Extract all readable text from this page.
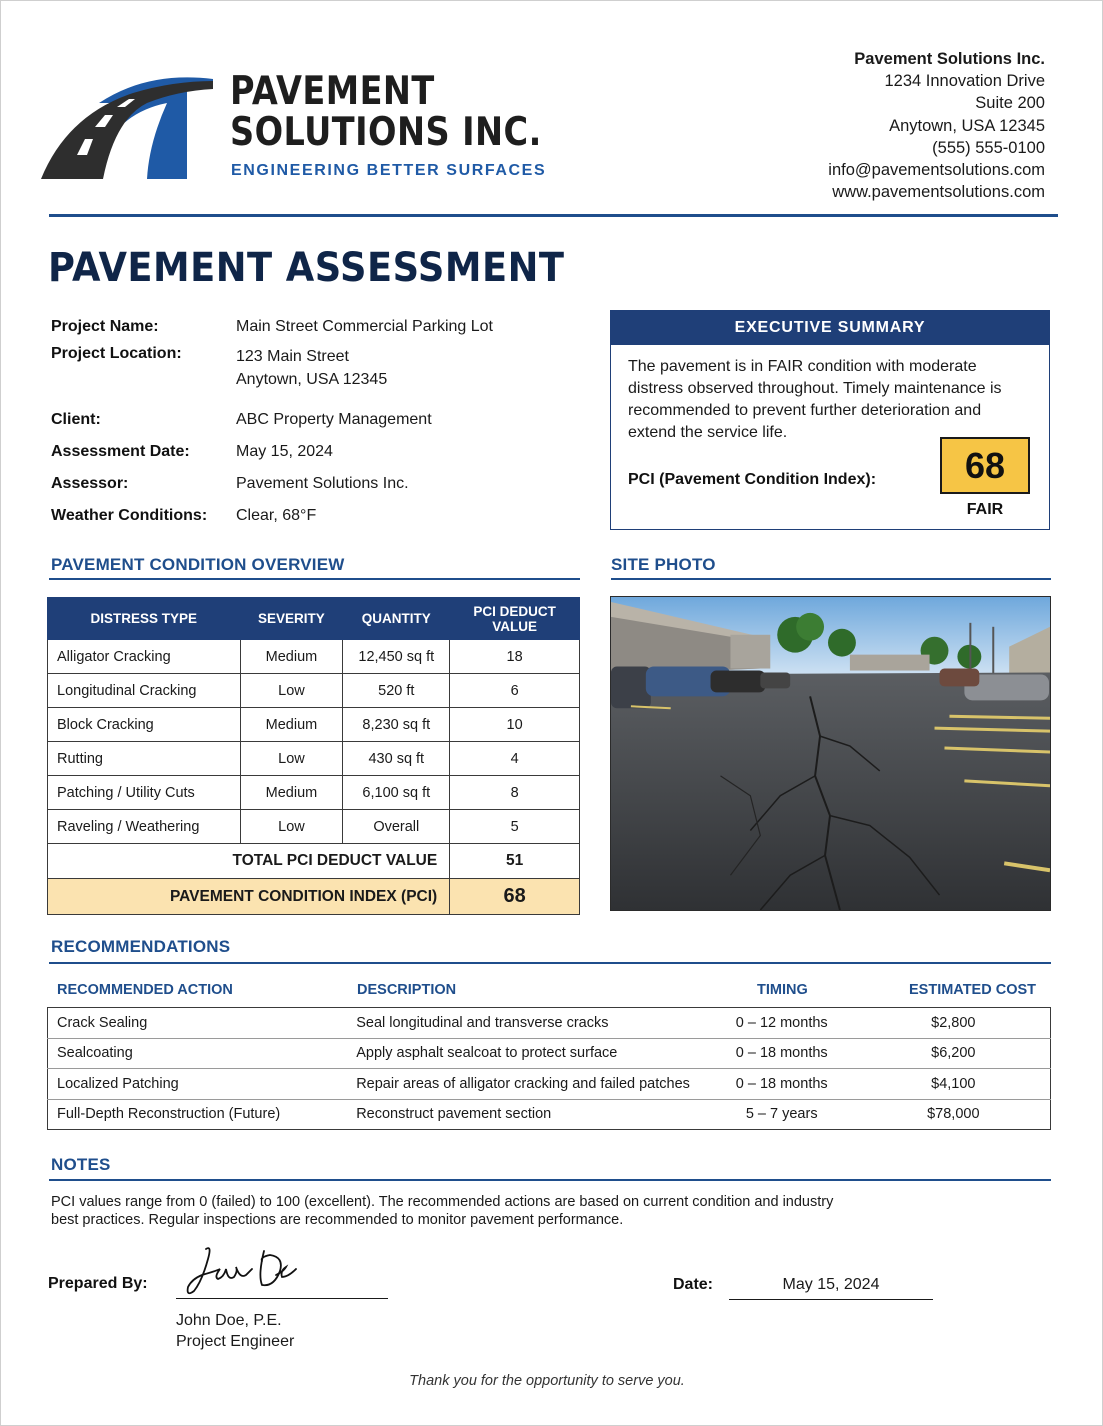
PAVEMENT
SOLUTIONS INC.
ENGINEERING BETTER SURFACES
Pavement Solutions Inc.
1234 Innovation Drive
Suite 200
Anytown, USA 12345
(555) 555-0100
info@pavementsolutions.com
www.pavementsolutions.com
PAVEMENT ASSESSMENT
Project Name:	Main Street Commercial Parking Lot
Project Location:	123 Main Street
Anytown, USA 12345
Client:	ABC Property Management
Assessment Date:	May 15, 2024
Assessor:	Pavement Solutions Inc.
Weather Conditions:	Clear, 68°F
EXECUTIVE SUMMARY
The pavement is in FAIR condition with moderate distress observed throughout. Timely maintenance is recommended to prevent further deterioration and extend the service life.
PCI (Pavement Condition Index):	68
FAIR
PAVEMENT CONDITION OVERVIEW
DISTRESS TYPE	SEVERITY	QUANTITY	PCI DEDUCT VALUE
Alligator Cracking	Medium	12,450 sq ft	18
Longitudinal Cracking	Low	520 ft	6
Block Cracking	Medium	8,230 sq ft	10
Rutting	Low	430 sq ft	4
Patching / Utility Cuts	Medium	6,100 sq ft	8
Raveling / Weathering	Low	Overall	5
TOTAL PCI DEDUCT VALUE			51
PAVEMENT CONDITION INDEX (PCI)			68
SITE PHOTO
RECOMMENDATIONS
RECOMMENDED ACTION	DESCRIPTION	TIMING	ESTIMATED COST
Crack Sealing	Seal longitudinal and transverse cracks	0 – 12 months	$2,800
Sealcoating	Apply asphalt sealcoat to protect surface	0 – 18 months	$6,200
Localized Patching	Repair areas of alligator cracking and failed patches	0 – 18 months	$4,100
Full-Depth Reconstruction (Future)	Reconstruct pavement section	5 – 7 years	$78,000
NOTES
PCI values range from 0 (failed) to 100 (excellent). The recommended actions are based on current condition and industry best practices. Regular inspections are recommended to monitor pavement performance.
Prepared By:
John Doe, P.E.
Project Engineer
Date:	May 15, 2024
Thank you for the opportunity to serve you.
